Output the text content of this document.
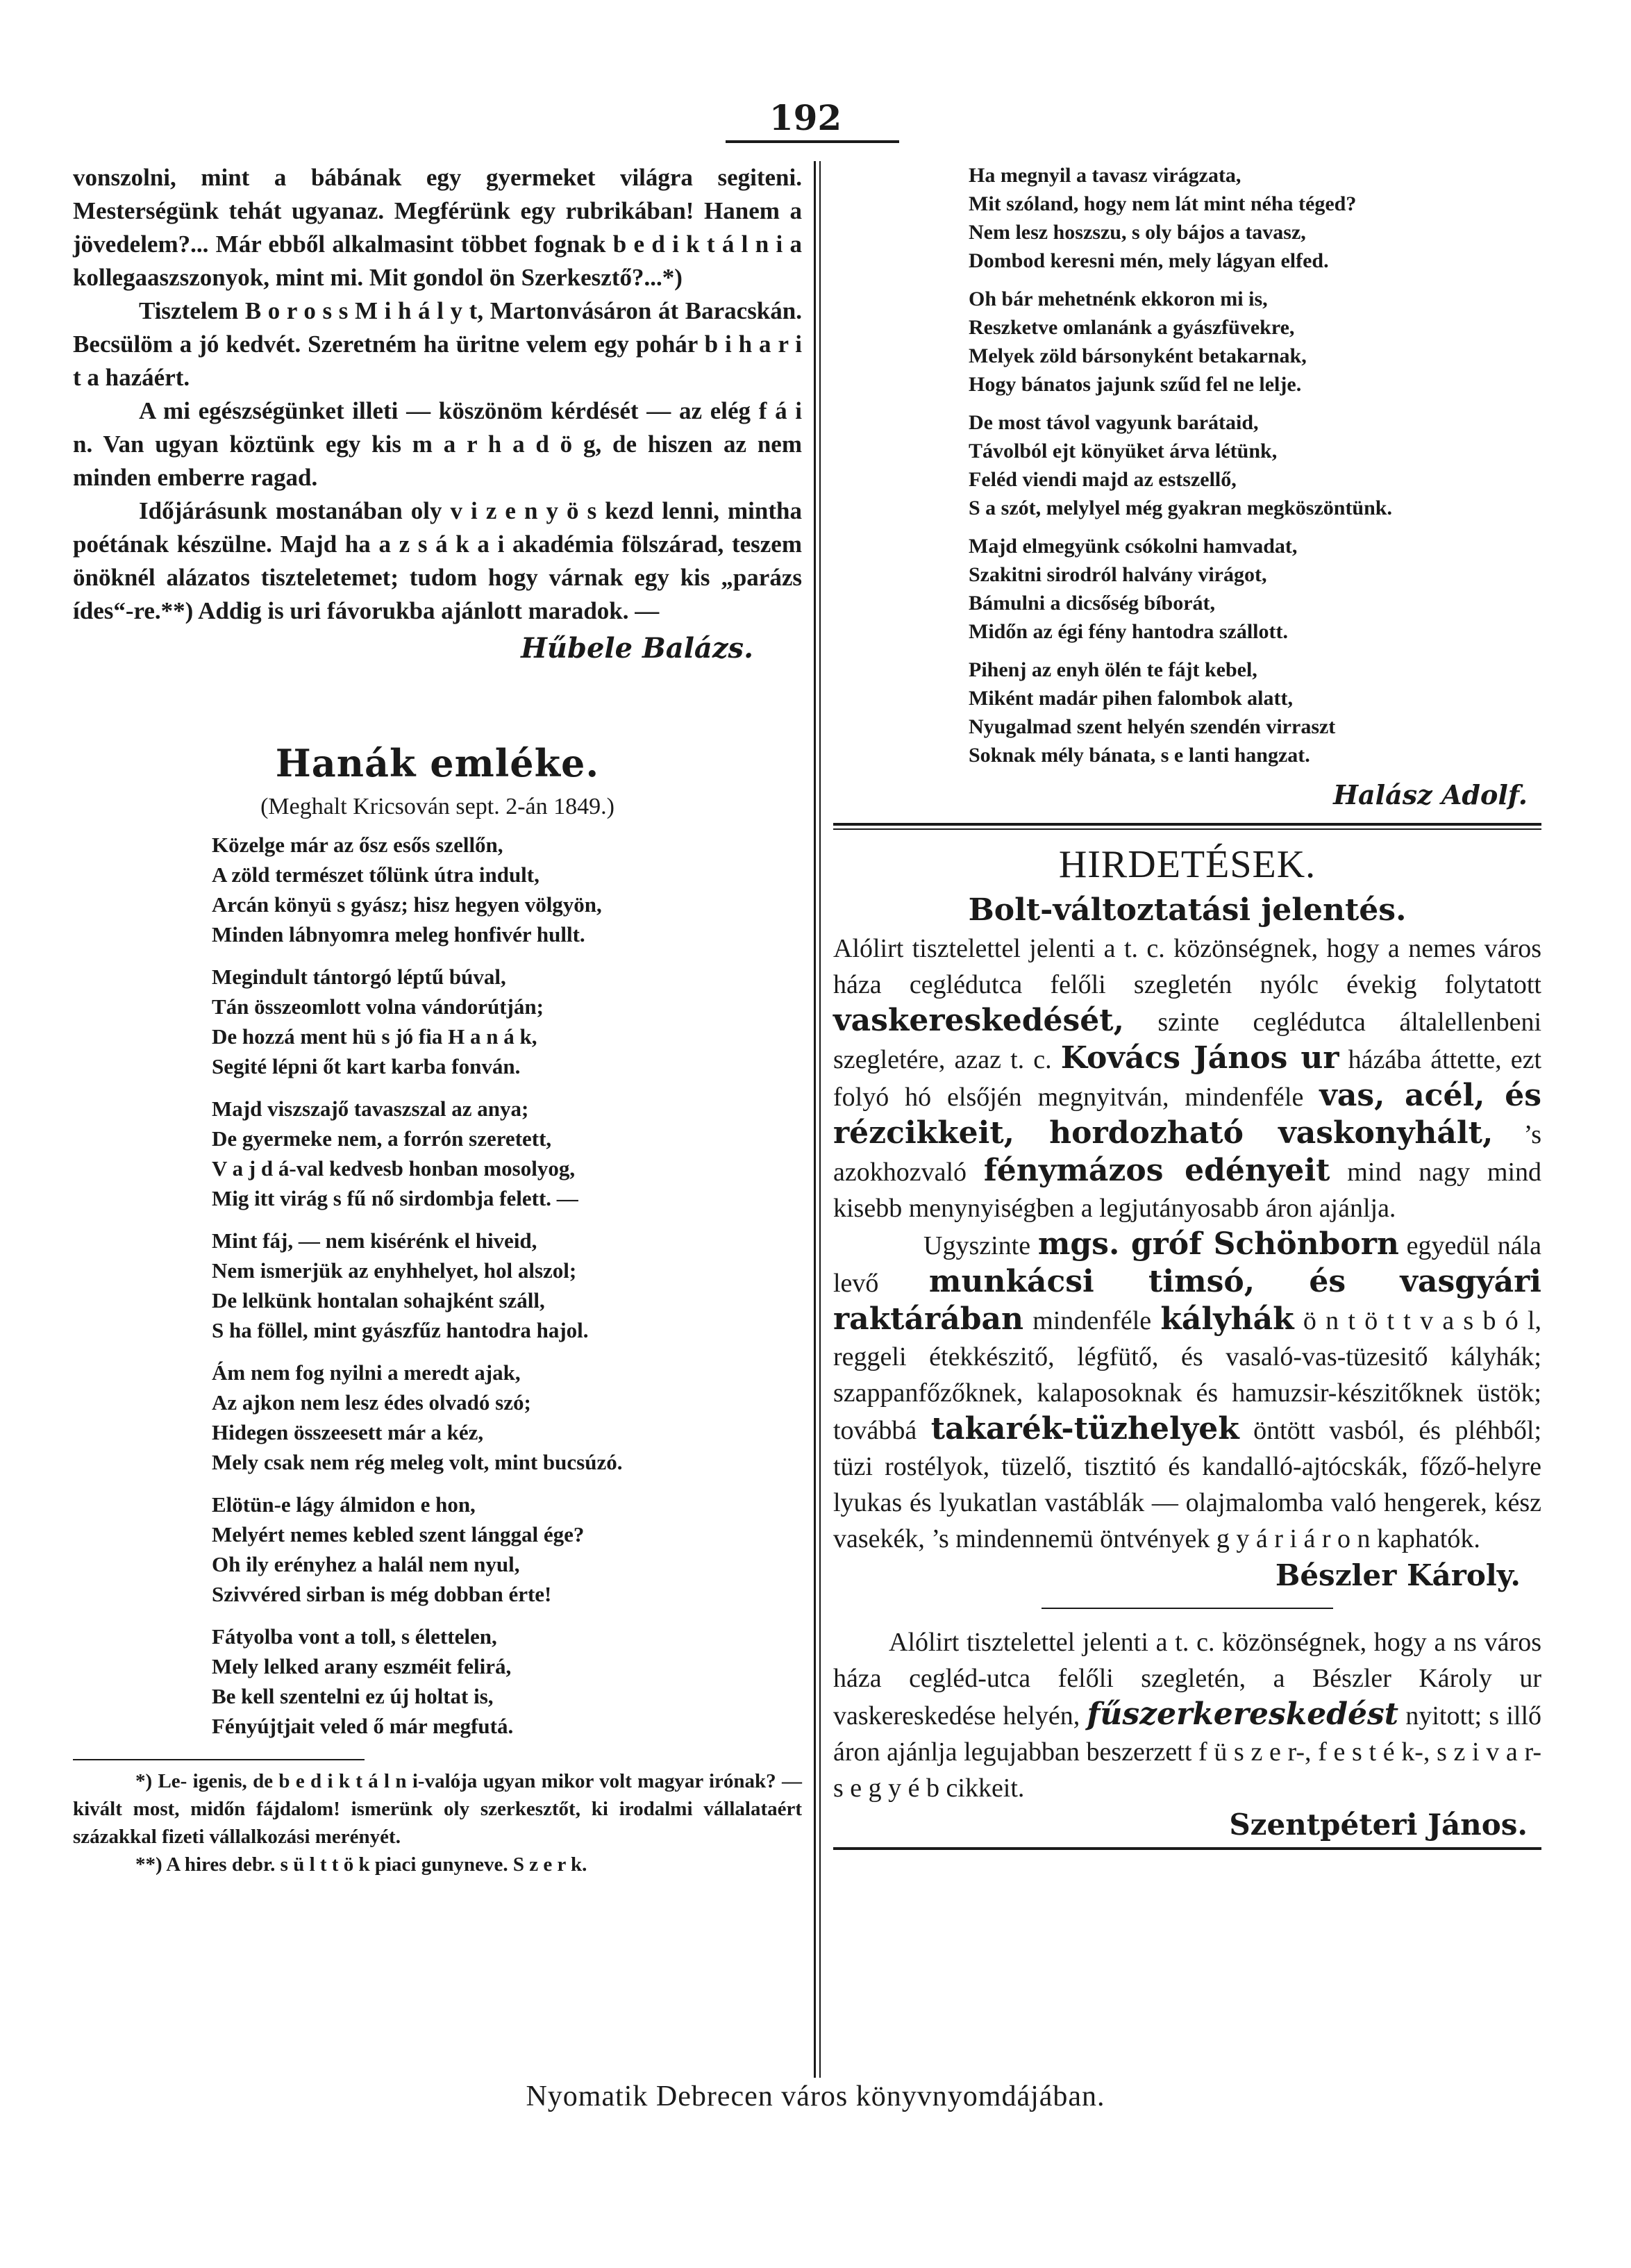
192

vonszolni, mint a bábának egy gyermeket világra segiteni. Mesterségünk tehát ugyanaz. Megférünk egy rubrikában! Hanem a jövedelem?... Már ebből alkalmasint többet fognak b e d i k t á l n i a kollegaaszszonyok, mint mi. Mit gondol ön Szerkesztő?...*)

Tisztelem B o r o s s M i h á l y t, Martonvásáron át Baracskán. Becsülöm a jó kedvét. Szeretném ha üritne velem egy pohár b i h a r i t a hazáért.

A mi egészségünket illeti — köszönöm kérdését — az elég f á i n. Van ugyan köztünk egy kis m a r h a d ö g, de hiszen az nem minden emberre ragad.

Időjárásunk mostanában oly v i z e n y ö s kezd lenni, mintha poétának készülne. Majd ha a z s á k a i akadémia fölszárad, teszem önöknél alázatos tiszteletemet; tudom hogy várnak egy kis „parázs ídes“-re.**) Addig is uri fávorukba ajánlott maradok. —

Hűbele Balázs.
Hanák emléke.
(Meghalt Kricsován sept. 2-án 1849.)
Közelge már az ősz esős szellőn,
A zöld természet tőlünk útra indult,
Arcán könyü s gyász; hisz hegyen völgyön,
Minden lábnyomra meleg honfivér hullt.
Megindult tántorgó léptű búval,
Tán összeomlott volna vándorútján;
De hozzá ment hü s jó fia H a n á k,
Segité lépni őt kart karba fonván.
Majd viszszajő tavaszszal az anya;
De gyermeke nem, a forrón szeretett,
V a j d á-val kedvesb honban mosolyog,
Mig itt virág s fű nő sirdombja felett. —
Mint fáj, — nem kisérénk el hiveid,
Nem ismerjük az enyhhelyet, hol alszol;
De lelkünk hontalan sohajként száll,
S ha föllel, mint gyászfűz hantodra hajol.
Ám nem fog nyilni a meredt ajak,
Az ajkon nem lesz édes olvadó szó;
Hidegen összeesett már a kéz,
Mely csak nem rég meleg volt, mint bucsúzó.
Elötün-e lágy álmidon e hon,
Melyért nemes kebled szent lánggal ége?
Oh ily erényhez a halál nem nyul,
Szivvéred sirban is még dobban érte!
Fátyolba vont a toll, s élettelen,
Mely lelked arany eszméit felirá,
Be kell szentelni ez új holtat is,
Fényújtjait veled ő már megfutá.

*) Le- igenis, de b e d i k t á l n i-valója ugyan mikor volt magyar irónak? — kivált most, midőn fájdalom! ismerünk oly szerkesztőt, ki irodalmi vállalataért százakkal fizeti vállalkozási merényét.

**) A hires debr. s ü l t t ö k piaci gunyneve. S z e r k.

Ha megnyil a tavasz virágzata,
Mit szóland, hogy nem lát mint néha téged?
Nem lesz hoszszu, s oly bájos a tavasz,
Dombod keresni mén, mely lágyan elfed.
Oh bár mehetnénk ekkoron mi is,
Reszketve omlanánk a gyászfüvekre,
Melyek zöld bársonyként betakarnak,
Hogy bánatos jajunk szűd fel ne lelje.
De most távol vagyunk barátaid,
Távolból ejt könyüket árva létünk,
Feléd viendi majd az estszellő,
S a szót, melylyel még gyakran megköszöntünk.
Majd elmegyünk csókolni hamvadat,
Szakitni sirodról halvány virágot,
Bámulni a dicsőség bíborát,
Midőn az égi fény hantodra szállott.
Pihenj az enyh ölén te fájt kebel,
Miként madár pihen falombok alatt,
Nyugalmad szent helyén szendén virraszt
Soknak mély bánata, s e lanti hangzat.
Halász Adolf.
HIRDETÉSEK.
Bolt-változtatási jelentés.

Alólirt tisztelettel jelenti a t. c. közönségnek, hogy a nemes város háza ceglédutca felőli szegletén nyólc évekig folytatott vaskereskedését, szinte ceglédutca általellenbeni szegletére, azaz t. c. Kovács János ur házába áttette, ezt folyó hó elsőjén megnyitván, mindenféle vas, acél, és rézcikkeit, hordozható vaskonyhált, ’s azokhozvaló fénymázos edényeit mind nagy mind kisebb menynyiségben a legjutányosabb áron ajánlja.

Ugyszinte mgs. gróf Schönborn egyedül nála levő munkácsi timsó, és vasgyári raktárában mindenféle kályhák ö n t ö t t v a s b ó l, reggeli étekkészitő, légfütő, és vasaló-vas-tüzesitő kályhák; szappanfőzőknek, kalaposoknak és hamuzsir-készitőknek üstök; továbbá takarék-tüzhelyek öntött vasból, és pléhből; tüzi rostélyok, tüzelő, tisztitó és kandalló-ajtócskák, főző-helyre lyukas és lyukatlan vastáblák — olajmalomba való hengerek, kész vasekék, ’s mindennemü öntvények g y á r i á r o n kaphatók.

Bészler Károly.

Alólirt tisztelettel jelenti a t. c. közönségnek, hogy a ns város háza cegléd-utca felőli szegletén, a Bészler Károly ur vaskereskedése helyén, fűszerkereskedést nyitott; s illő áron ajánlja legujabban beszerzett f ü s z e r-, f e s t é k-, s z i v a r- s e g y é b cikkeit.

Szentpéteri János.
Nyomatik Debrecen város könyvnyomdájában.
